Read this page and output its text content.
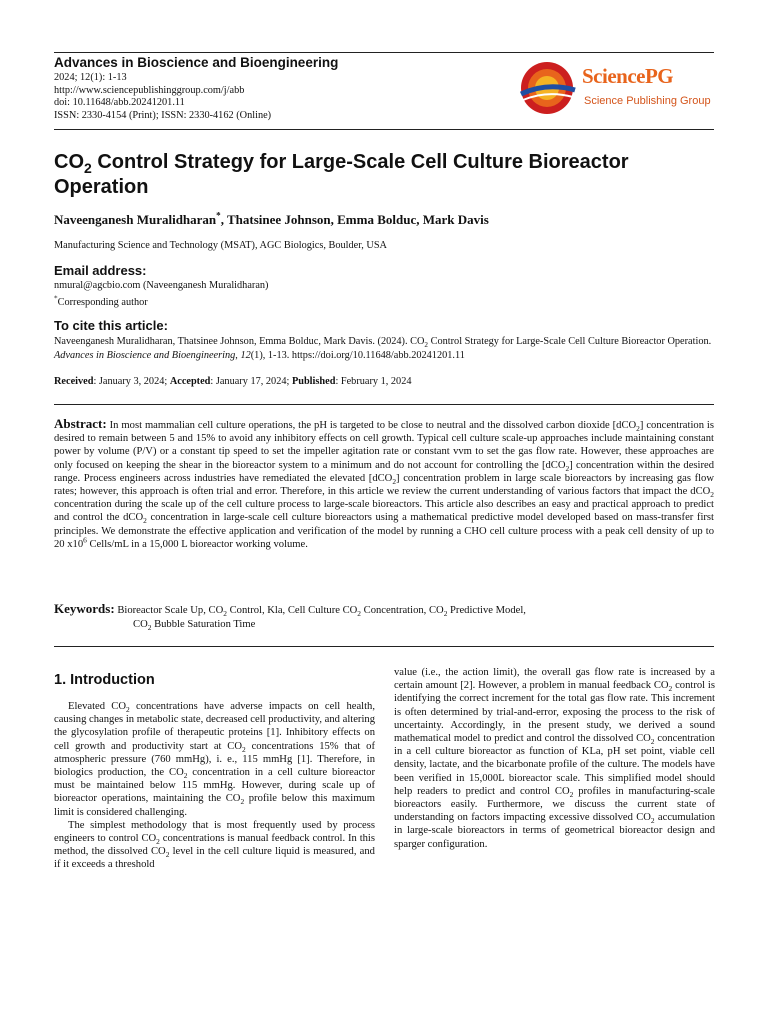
Advances in Bioscience and Bioengineering
2024; 12(1): 1-13
http://www.sciencepublishinggroup.com/j/abb
doi: 10.11648/abb.20241201.11
ISSN: 2330-4154 (Print); ISSN: 2330-4162 (Online)
SciencePG
Science Publishing Group
$CO_2$ Control Strategy for Large-Scale Cell Culture Bioreactor Operation
Naveenganesh Muralidharan*, Thatsinee Johnson, Emma Bolduc, Mark Davis
Manufacturing Science and Technology (MSAT), AGC Biologics, Boulder, USA
Email address:
nmural@agcbio.com (Naveenganesh Muralidharan)
*Corresponding author
To cite this article:
Naveenganesh Muralidharan, Thatsinee Johnson, Emma Bolduc, Mark Davis. (2024). $CO_2$ Control Strategy for Large-Scale Cell Culture Bioreactor Operation. Advances in Bioscience and Bioengineering, 12(1), 1-13. https://doi.org/10.11648/abb.20241201.11
Received: January 3, 2024; Accepted: January 17, 2024; Published: February 1, 2024
Abstract: In most mammalian cell culture operations, the pH is targeted to be close to neutral and the dissolved carbon dioxide [dCO$_2$] concentration is desired to remain between 5 and 15% to avoid any inhibitory effects on cell growth. Typical cell culture scale-up approaches include maintaining constant power by volume (P/V) or a constant tip speed to set the impeller agitation rate or constant vvm to set the gas flow rate. However, these approaches are only focused on keeping the shear in the bioreactor system to a minimum and do not account for controlling the [dCO$_2$] concentration within the desired range. Process engineers across industries have remediated the elevated [dCO$_2$] concentration problem in large scale bioreactors by increasing gas flow rates; however, this approach is often trial and error. Therefore, in this article we review the current understanding of various factors that impact the dCO$_2$ concentration during the scale up of the cell culture process to large-scale bioreactors. This article also describes an easy and practical approach to predict and control the dCO$_2$ concentration in large-scale cell culture bioreactors using a mathematical predictive model developed based on mass-transfer first principles. We demonstrate the effective application and verification of the model by running a CHO cell culture process with a peak cell density of up to 20 $x10^6$ Cells/mL in a 15,000 L bioreactor working volume.
Keywords: Bioreactor Scale Up, $CO_2$ Control, Kla, Cell Culture $CO_2$ Concentration, $CO_2$ Predictive Model,
$CO_2$ Bubble Saturation Time
1. Introduction

Elevated $CO_2$ concentrations have adverse impacts on cell health, causing changes in metabolic state, decreased cell productivity, and altering the glycosylation profile of therapeutic proteins [1]. Inhibitory effects on cell growth and productivity start at $CO_2$ concentrations 15% that of atmospheric pressure (760 mmHg), i. e., 115 mmHg [1]. Therefore, in biologics production, the $CO_2$ concentration in a cell culture bioreactor must be maintained below 115 mmHg. However, during scale up of bioreactor operations, maintaining the $CO_2$ profile below this maximum limit is considered challenging.

The simplest methodology that is most frequently used by process engineers to control $CO_2$ concentrations is manual feedback control. In this method, the dissolved $CO_2$ level in the cell culture liquid is measured, and if it exceeds a threshold

value (i.e., the action limit), the overall gas flow rate is increased by a certain amount [2]. However, a problem in manual feedback $CO_2$ control is identifying the correct increment for the total gas flow rate. This increment is often determined by trial-and-error, exposing the process to the risk of uncertainty. Accordingly, in the present study, we derived a sound mathematical model to predict and control the dissolved $CO_2$ concentration in a cell culture bioreactor as function of KLa, pH set point, viable cell density, lactate, and the bicarbonate profile of the culture. The models have been verified in 15,000L bioreactor scale. This simplified model should help readers to predict and control $CO_2$ profiles in manufacturing-scale bioreactors easily. Furthermore, we discuss the current state of understanding on factors impacting excessive dissolved $CO_2$ accumulation in large-scale bioreactors in terms of geometrical bioreactor design and sparger configuration.
